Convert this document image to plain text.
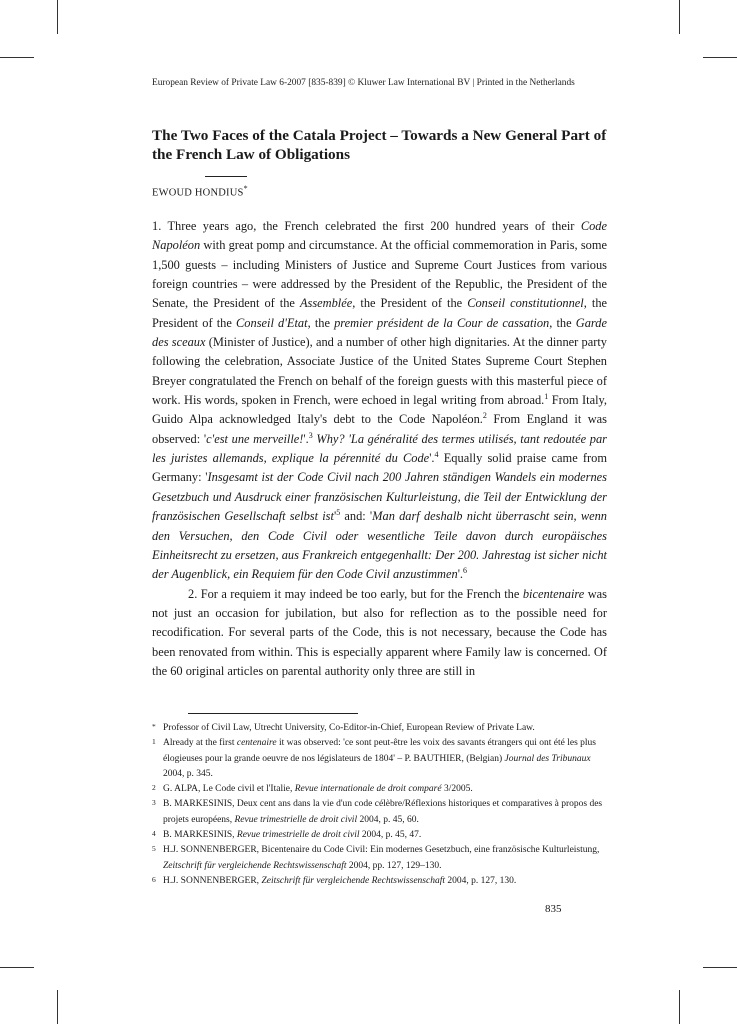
European Review of Private Law 6-2007 [835-839] © Kluwer Law International BV | Printed in the Netherlands
The Two Faces of the Catala Project – Towards a New General Part of the French Law of Obligations
EWOUD HONDIUS*

1. Three years ago, the French celebrated the first 200 hundred years of their Code Napoléon with great pomp and circumstance. At the official commemoration in Paris, some 1,500 guests – including Ministers of Justice and Supreme Court Justices from various foreign countries – were addressed by the President of the Republic, the President of the Senate, the President of the Assemblée, the President of the Conseil constitutionnel, the President of the Conseil d'Etat, the premier président de la Cour de cassation, the Garde des sceaux (Minister of Justice), and a number of other high dignitaries. At the dinner party following the celebration, Associate Justice of the United States Supreme Court Stephen Breyer congratulated the French on behalf of the foreign guests with this masterful piece of work. His words, spoken in French, were echoed in legal writing from abroad.$^1$ From Italy, Guido Alpa acknowledged Italy's debt to the Code Napoléon.$^2$ From England it was observed: 'c'est une merveille!'.$^3$ Why? 'La généralité des termes utilisés, tant redoutée par les juristes allemands, explique la pérennité du Code'.$^4$ Equally solid praise came from Germany: 'Insgesamt ist der Code Civil nach 200 Jahren ständigen Wandels ein modernes Gesetzbuch und Ausdruck einer französischen Kulturleistung, die Teil der Entwicklung der französischen Gesellschaft selbst $ist'^5$ and: 'Man darf deshalb nicht überrascht sein, wenn den Versuchen, den Code Civil oder wesentliche Teile davon durch europäisches Einheitsrecht zu ersetzen, aus Frankreich entgegenhallt: Der 200. Jahrestag ist sicher nicht der Augenblick, ein Requiem für den Code Civil anzustimmen'.$^6$

2. For a requiem it may indeed be too early, but for the French the bicentenaire was not just an occasion for jubilation, but also for reflection as to the possible need for recodification. For several parts of the Code, this is not necessary, because the Code has been renovated from within. This is especially apparent where Family law is concerned. Of the 60 original articles on parental authority only three are still in

* Professor of Civil Law, Utrecht University, Co-Editor-in-Chief, European Review of Private Law.
1 Already at the first centenaire it was observed: 'ce sont peut-être les voix des savants étrangers qui ont été les plus élogieuses pour la grande oeuvre de nos législateurs de 1804' – P. BAUTHIER, (Belgian) Journal des Tribunaux 2004, p. 345.
2 G. ALPA, Le Code civil et l'Italie, Revue internationale de droit comparé 3/2005.
3 B. MARKESINIS, Deux cent ans dans la vie d'un code célèbre/Réflexions historiques et comparatives à propos des projets européens, Revue trimestrielle de droit civil 2004, p. 45, 60.
4 B. MARKESINIS, Revue trimestrielle de droit civil 2004, p. 45, 47.
5 H.J. SONNENBERGER, Bicentenaire du Code Civil: Ein modernes Gesetzbuch, eine französische Kulturleistung, Zeitschrift für vergleichende Rechtswissenschaft 2004, pp. 127, 129–130.
6 H.J. SONNENBERGER, Zeitschrift für vergleichende Rechtswissenschaft 2004, p. 127, 130.
835
